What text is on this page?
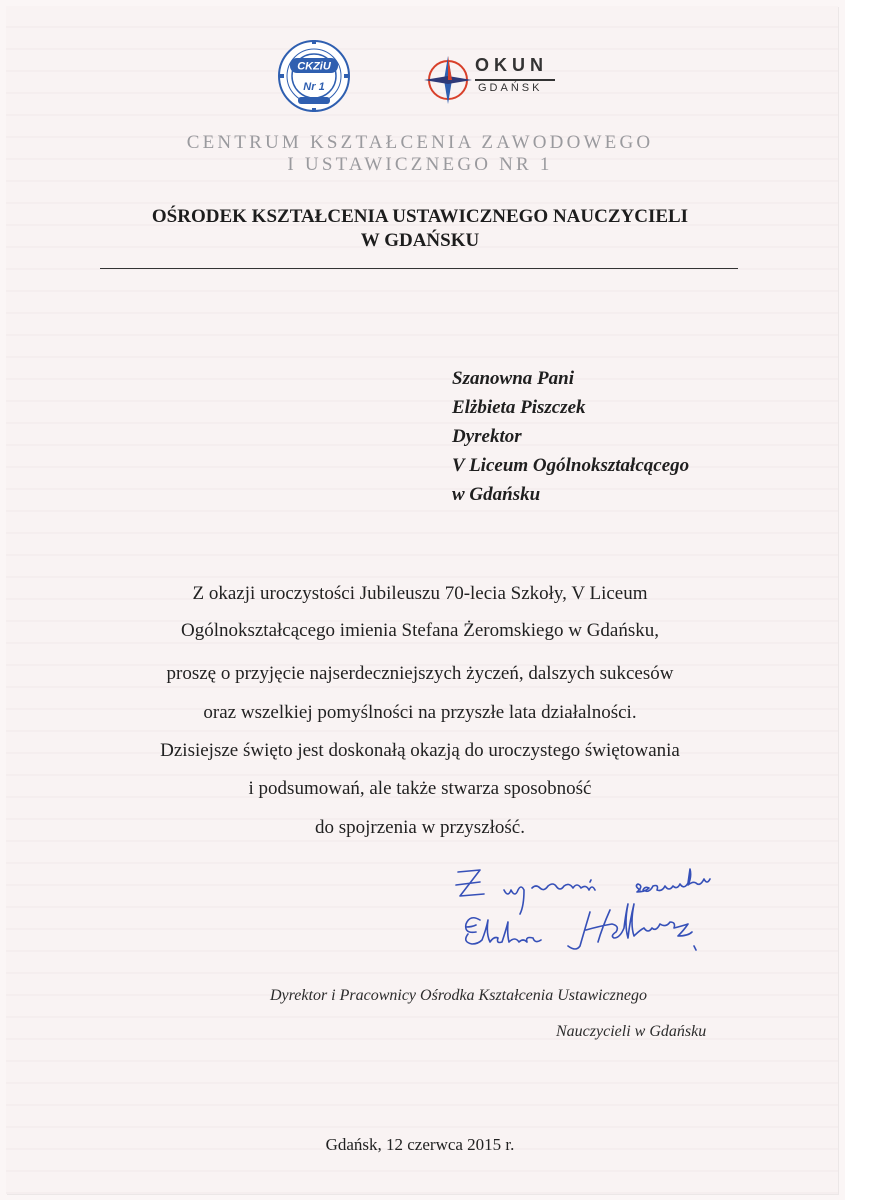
CKZiU
Nr 1
OKUN
GDAŃSK
CENTRUM KSZTAŁCENIA ZAWODOWEGO
I USTAWICZNEGO NR 1
OŚRODEK KSZTAŁCENIA USTAWICZNEGO NAUCZYCIELI
W GDAŃSKU
Szanowna Pani
Elżbieta Piszczek
Dyrektor
V Liceum Ogólnokształcącego
w Gdańsku
Z okazji uroczystości Jubileuszu 70-lecia Szkoły, V Liceum
Ogólnokształcącego imienia Stefana Żeromskiego w Gdańsku,
proszę o przyjęcie najserdeczniejszych życzeń, dalszych sukcesów
oraz wszelkiej pomyślności na przyszłe lata działalności.
Dzisiejsze święto jest doskonałą okazją do uroczystego świętowania
i podsumowań, ale także stwarza sposobność
do spojrzenia w przyszłość.
Dyrektor i Pracownicy Ośrodka Kształcenia Ustawicznego
Nauczycieli w Gdańsku
Gdańsk, 12 czerwca 2015 r.
